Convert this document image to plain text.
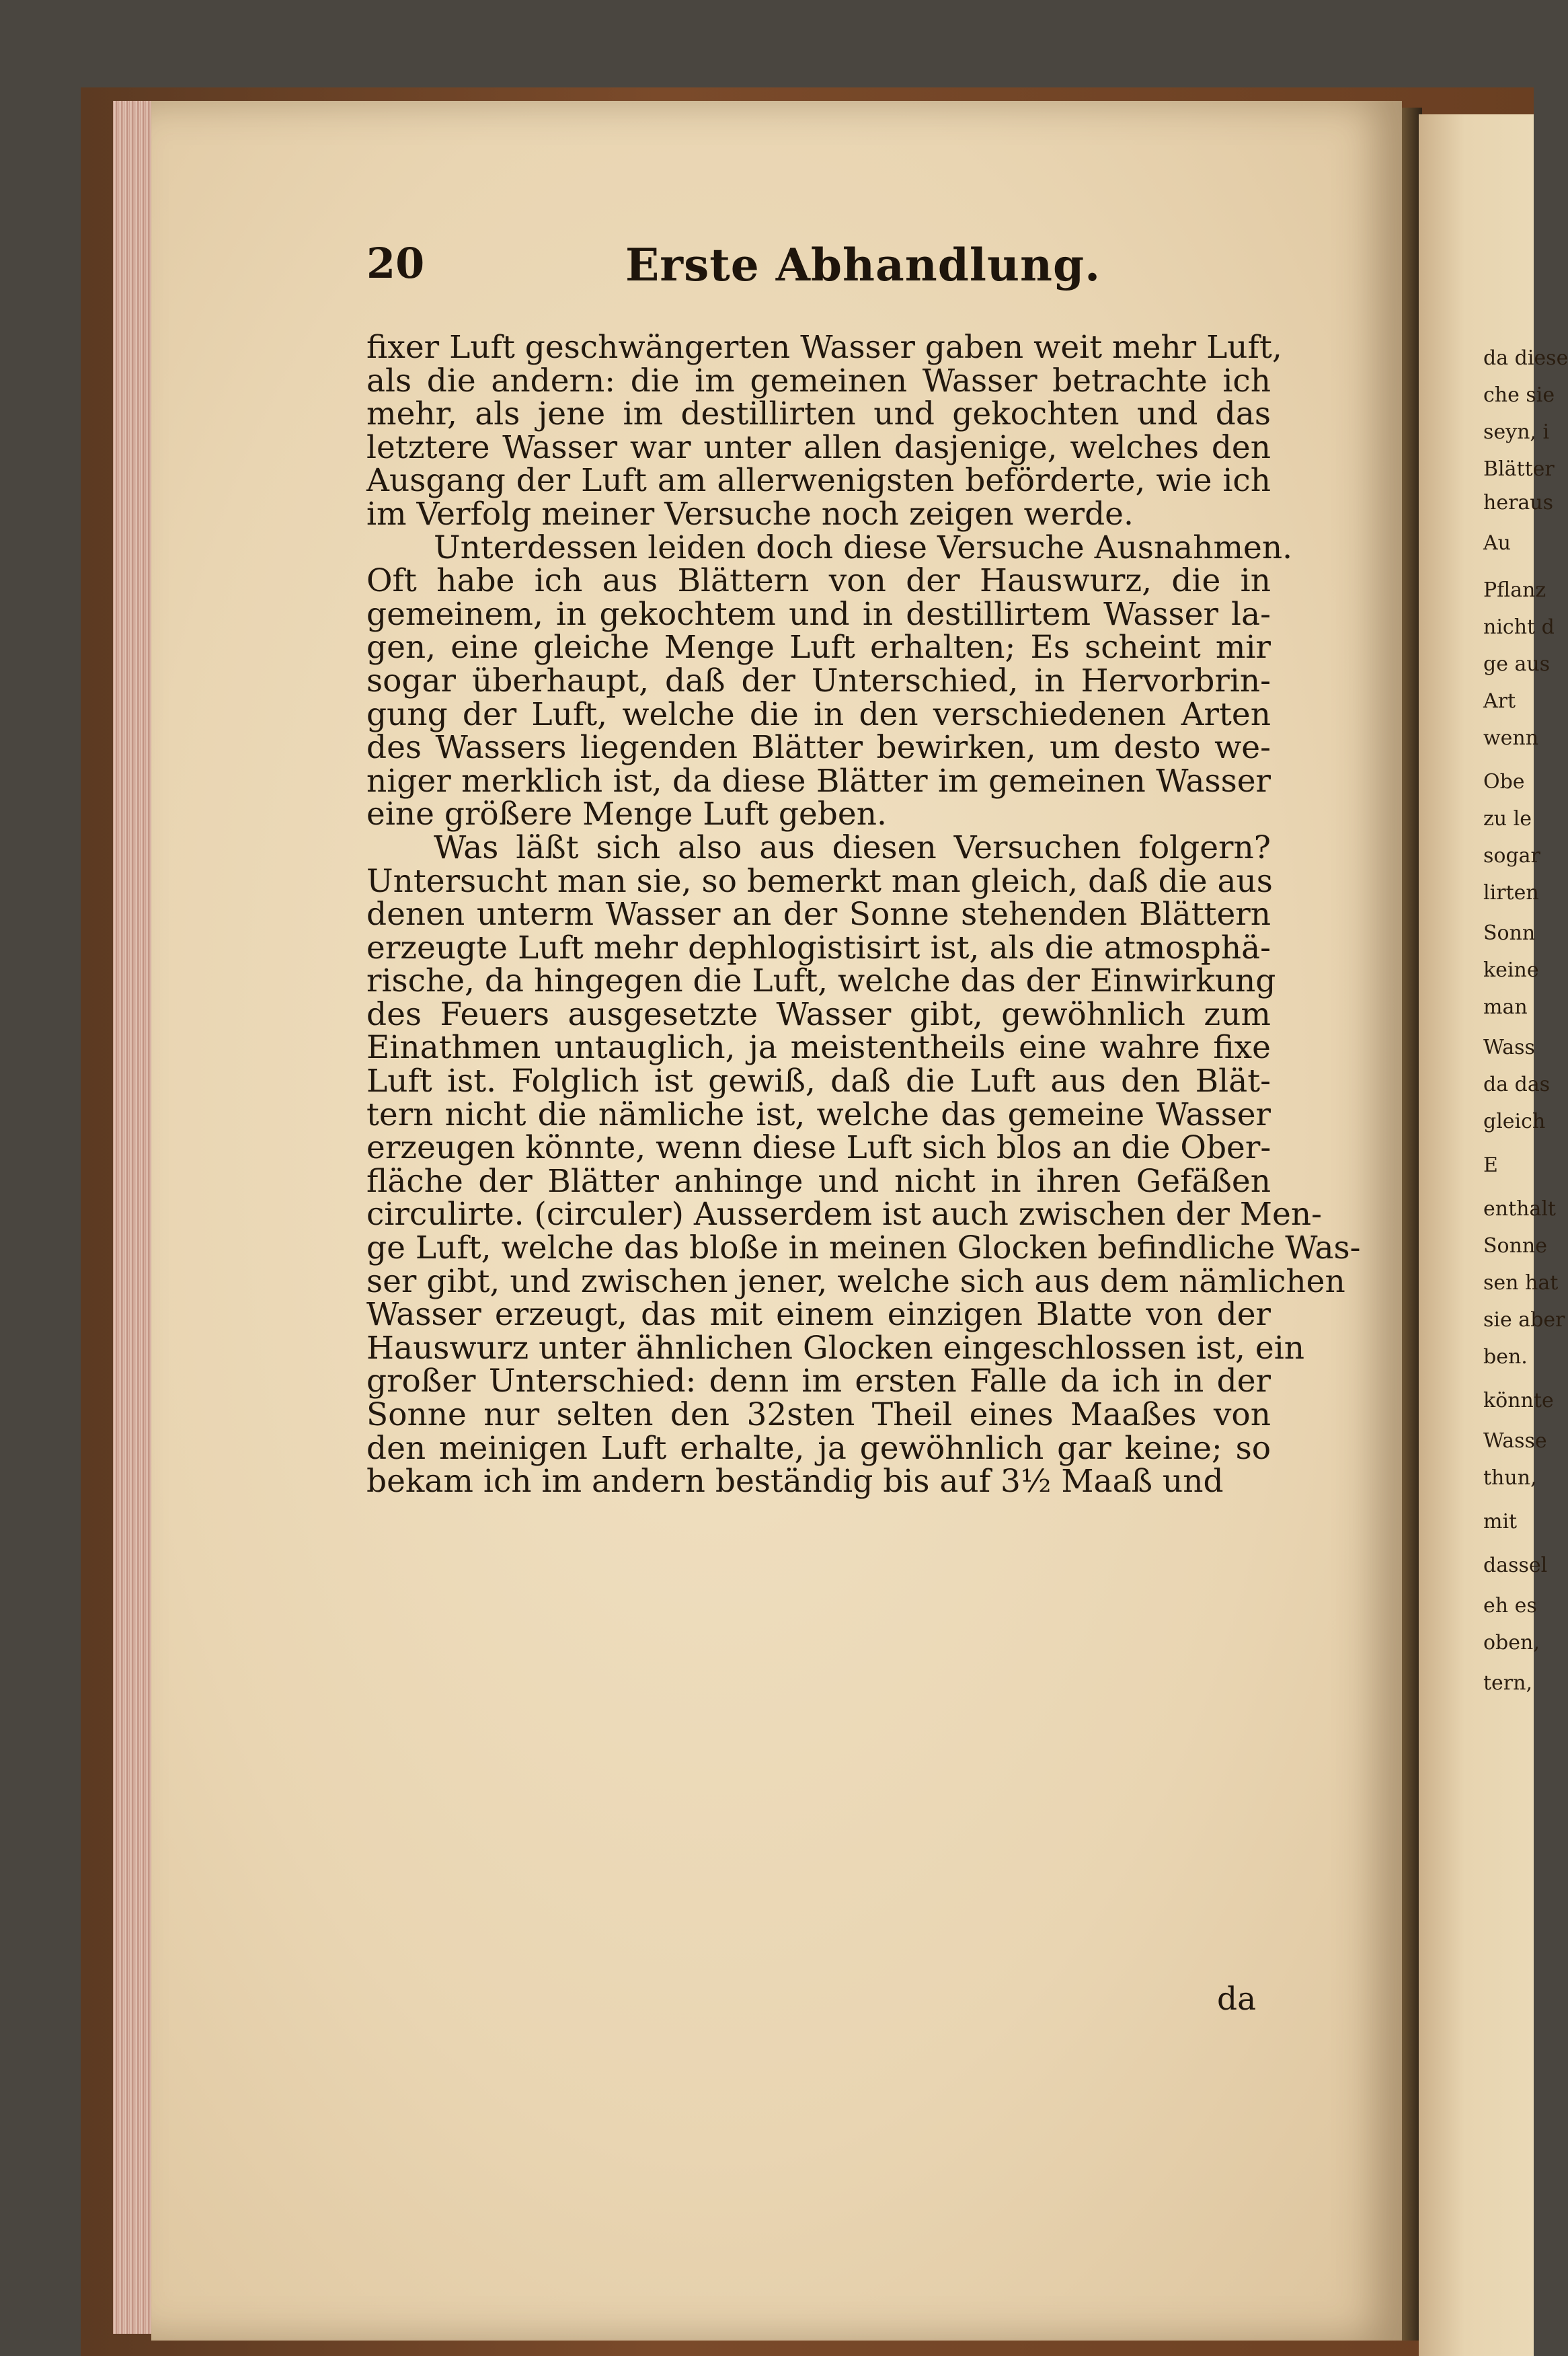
da diese
che sie
seyn, i
Blätter
heraus
Au
Pflanz
nicht d
ge aus
Art
wenn
Obe
zu le
sogar
lirten
Sonn
keine
man
Wass
da das
gleich
E
enthalt
Sonne
sen hat
sie aber
ben.
könnte
Wasse
thun,
mit
dassel
eh es
oben,
tern,
20	Erste Abhandlung.
fixer Luft geschwängerten Wasser gaben weit mehr Luft,
als die andern: die im gemeinen Wasser betrachte ich
mehr, als jene im destillirten und gekochten und das
letztere Wasser war unter allen dasjenige, welches den
Ausgang der Luft am allerwenigsten beförderte, wie ich
im Verfolg meiner Versuche noch zeigen werde.
Unterdessen leiden doch diese Versuche Ausnahmen.
Oft habe ich aus Blättern von der Hauswurz, die in
gemeinem, in gekochtem und in destillirtem Wasser la-
gen, eine gleiche Menge Luft erhalten; Es scheint mir
sogar überhaupt, daß der Unterschied, in Hervorbrin-
gung der Luft, welche die in den verschiedenen Arten
des Wassers liegenden Blätter bewirken, um desto we-
niger merklich ist, da diese Blätter im gemeinen Wasser
eine größere Menge Luft geben.
Was läßt sich also aus diesen Versuchen folgern?
Untersucht man sie, so bemerkt man gleich, daß die aus
denen unterm Wasser an der Sonne stehenden Blättern
erzeugte Luft mehr dephlogistisirt ist, als die atmosphä-
rische, da hingegen die Luft, welche das der Einwirkung
des Feuers ausgesetzte Wasser gibt, gewöhnlich zum
Einathmen untauglich, ja meistentheils eine wahre fixe
Luft ist. Folglich ist gewiß, daß die Luft aus den Blät-
tern nicht die nämliche ist, welche das gemeine Wasser
erzeugen könnte, wenn diese Luft sich blos an die Ober-
fläche der Blätter anhinge und nicht in ihren Gefäßen
circulirte. (circuler) Ausserdem ist auch zwischen der Men-
ge Luft, welche das bloße in meinen Glocken befindliche Was-
ser gibt, und zwischen jener, welche sich aus dem nämlichen
Wasser erzeugt, das mit einem einzigen Blatte von der
Hauswurz unter ähnlichen Glocken eingeschlossen ist, ein
großer Unterschied: denn im ersten Falle da ich in der
Sonne nur selten den 32sten Theil eines Maaßes von
den meinigen Luft erhalte, ja gewöhnlich gar keine; so
bekam ich im andern beständig bis auf 3½ Maaß und
da
